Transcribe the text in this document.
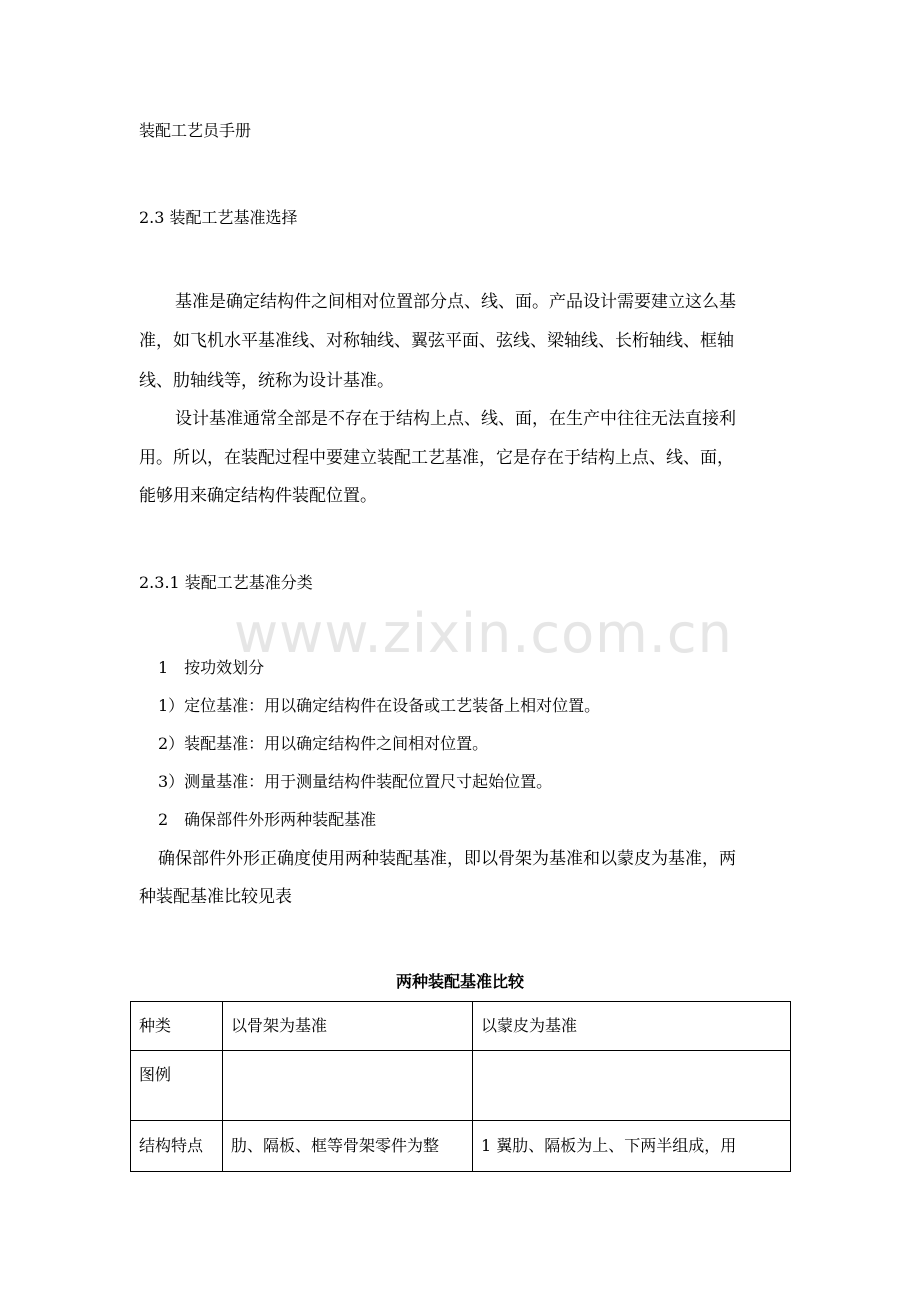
www.zixin.com.cn
装配工艺员手册
2.3 装配工艺基准选择
基准是确定结构件之间相对位置部分点、线、面。产品设计需要建立这么基
准，如飞机水平基准线、对称轴线、翼弦平面、弦线、梁轴线、长桁轴线、框轴
线、肋轴线等，统称为设计基准。
设计基准通常全部是不存在于结构上点、线、面，在生产中往往无法直接利
用。所以，在装配过程中要建立装配工艺基准，它是存在于结构上点、线、面，
能够用来确定结构件装配位置。
2.3.1 装配工艺基准分类
1　按功效划分
1）定位基准：用以确定结构件在设备或工艺装备上相对位置。
2）装配基准：用以确定结构件之间相对位置。
3）测量基准：用于测量结构件装配位置尺寸起始位置。
2　确保部件外形两种装配基准
确保部件外形正确度使用两种装配基准，即以骨架为基准和以蒙皮为基准，两
种装配基准比较见表
两种装配基准比较
种类	以骨架为基准	以蒙皮为基准
图例		
结构特点	肋、隔板、框等骨架零件为整	1 翼肋、隔板为上、下两半组成，用
